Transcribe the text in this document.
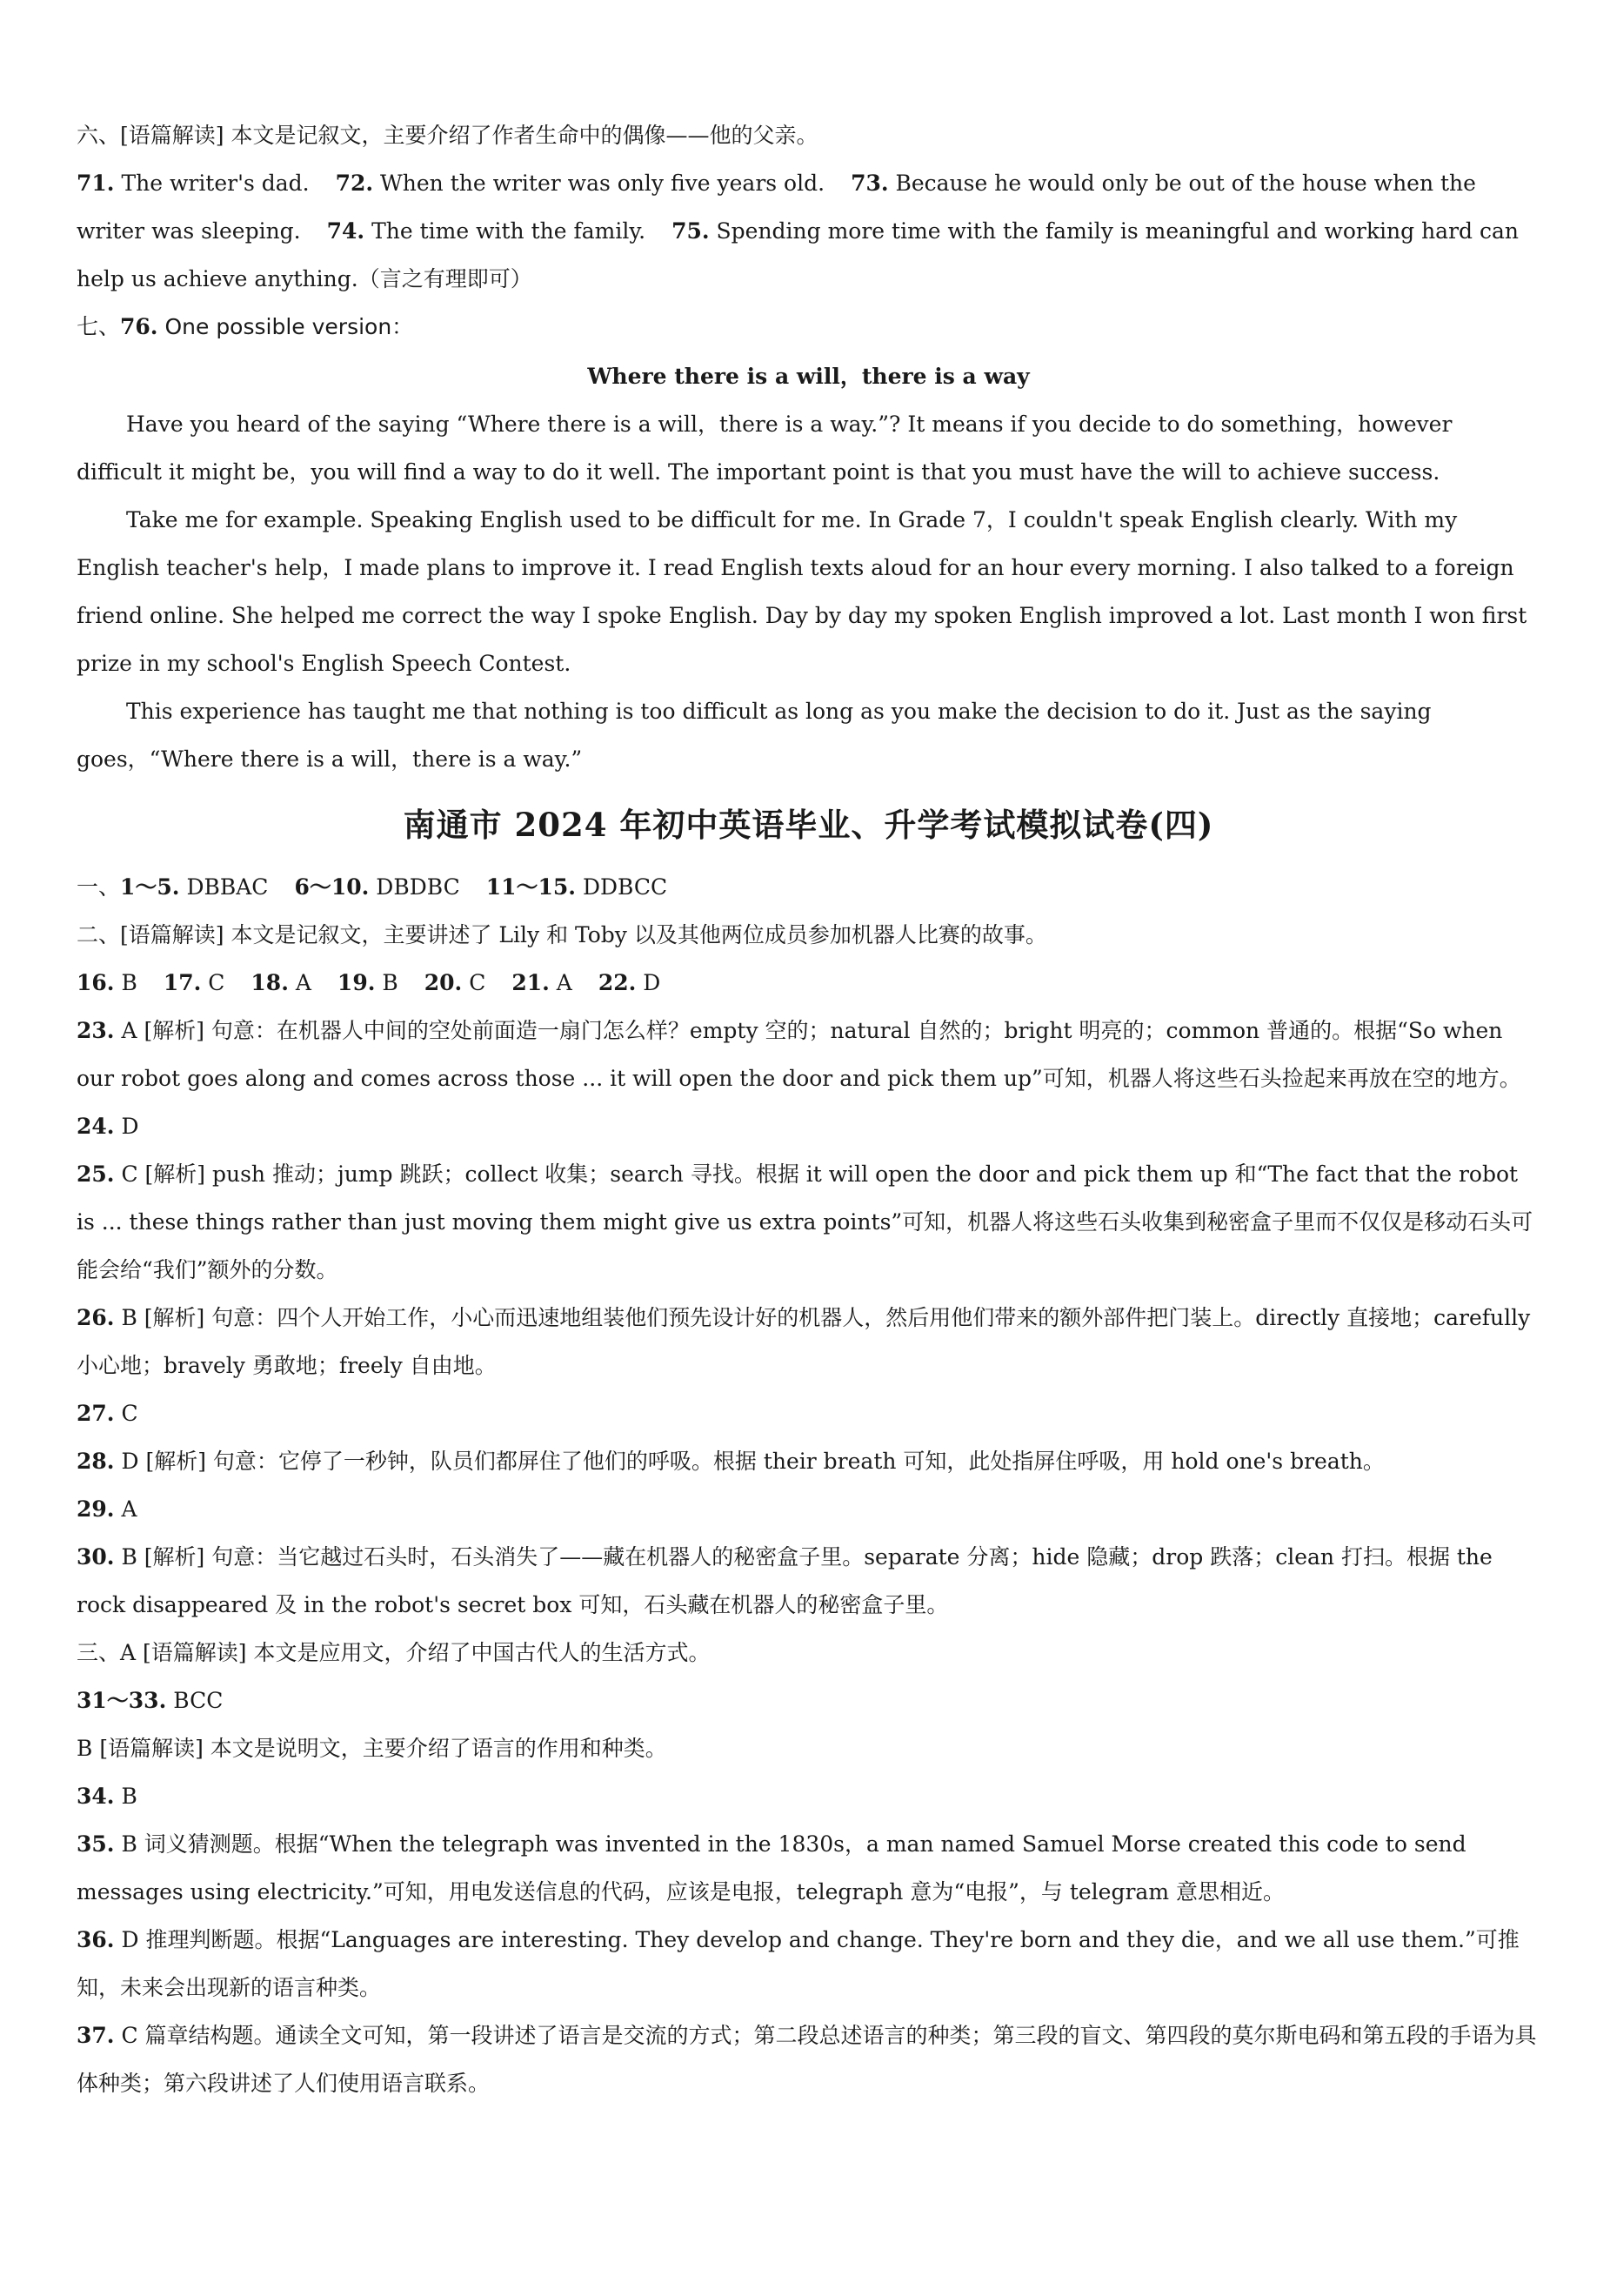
六、[语篇解读] 本文是记叙文，主要介绍了作者生命中的偶像——他的父亲。

71. The writer's dad. 72. When the writer was only five years old. 73. Because he would only be out of the house when the writer was sleeping. 74. The time with the family. 75. Spending more time with the family is meaningful and working hard can help us achieve anything.（言之有理即可）

七、76. One possible version：

Where there is a will，there is a way

Have you heard of the saying “Where there is a will，there is a way.”? It means if you decide to do something，however difficult it might be，you will find a way to do it well. The important point is that you must have the will to achieve success.

Take me for example. Speaking English used to be difficult for me. In Grade 7，I couldn't speak English clearly. With my English teacher's help，I made plans to improve it. I read English texts aloud for an hour every morning. I also talked to a foreign friend online. She helped me correct the way I spoke English. Day by day my spoken English improved a lot. Last month I won first prize in my school's English Speech Contest.

This experience has taught me that nothing is too difficult as long as you make the decision to do it. Just as the saying goes，“Where there is a will，there is a way.”

南通市 2024 年初中英语毕业、升学考试模拟试卷(四)

一、1～5. DBBAC 6～10. DBDBC 11～15. DDBCC

二、[语篇解读] 本文是记叙文，主要讲述了 Lily 和 Toby 以及其他两位成员参加机器人比赛的故事。

16. B 17. C 18. A 19. B 20. C 21. A 22. D

23. A [解析] 句意：在机器人中间的空处前面造一扇门怎么样？empty 空的；natural 自然的；bright 明亮的；common 普通的。根据“So when our robot goes along and comes across those ... it will open the door and pick them up”可知，机器人将这些石头捡起来再放在空的地方。

24. D

25. C [解析] push 推动；jump 跳跃；collect 收集；search 寻找。根据 it will open the door and pick them up 和“The fact that the robot is ... these things rather than just moving them might give us extra points”可知，机器人将这些石头收集到秘密盒子里而不仅仅是移动石头可能会给“我们”额外的分数。

26. B [解析] 句意：四个人开始工作，小心而迅速地组装他们预先设计好的机器人，然后用他们带来的额外部件把门装上。directly 直接地；carefully 小心地；bravely 勇敢地；freely 自由地。

27. C

28. D [解析] 句意：它停了一秒钟，队员们都屏住了他们的呼吸。根据 their breath 可知，此处指屏住呼吸，用 hold one's breath。

29. A

30. B [解析] 句意：当它越过石头时，石头消失了——藏在机器人的秘密盒子里。separate 分离；hide 隐藏；drop 跌落；clean 打扫。根据 the rock disappeared 及 in the robot's secret box 可知，石头藏在机器人的秘密盒子里。

三、A [语篇解读] 本文是应用文，介绍了中国古代人的生活方式。

31～33. BCC

B [语篇解读] 本文是说明文，主要介绍了语言的作用和种类。

34. B

35. B 词义猜测题。根据“When the telegraph was invented in the 1830s，a man named Samuel Morse created this code to send messages using electricity.”可知，用电发送信息的代码，应该是电报，telegraph 意为“电报”，与 telegram 意思相近。

36. D 推理判断题。根据“Languages are interesting. They develop and change. They're born and they die，and we all use them.”可推知，未来会出现新的语言种类。

37. C 篇章结构题。通读全文可知，第一段讲述了语言是交流的方式；第二段总述语言的种类；第三段的盲文、第四段的莫尔斯电码和第五段的手语为具体种类；第六段讲述了人们使用语言联系。
